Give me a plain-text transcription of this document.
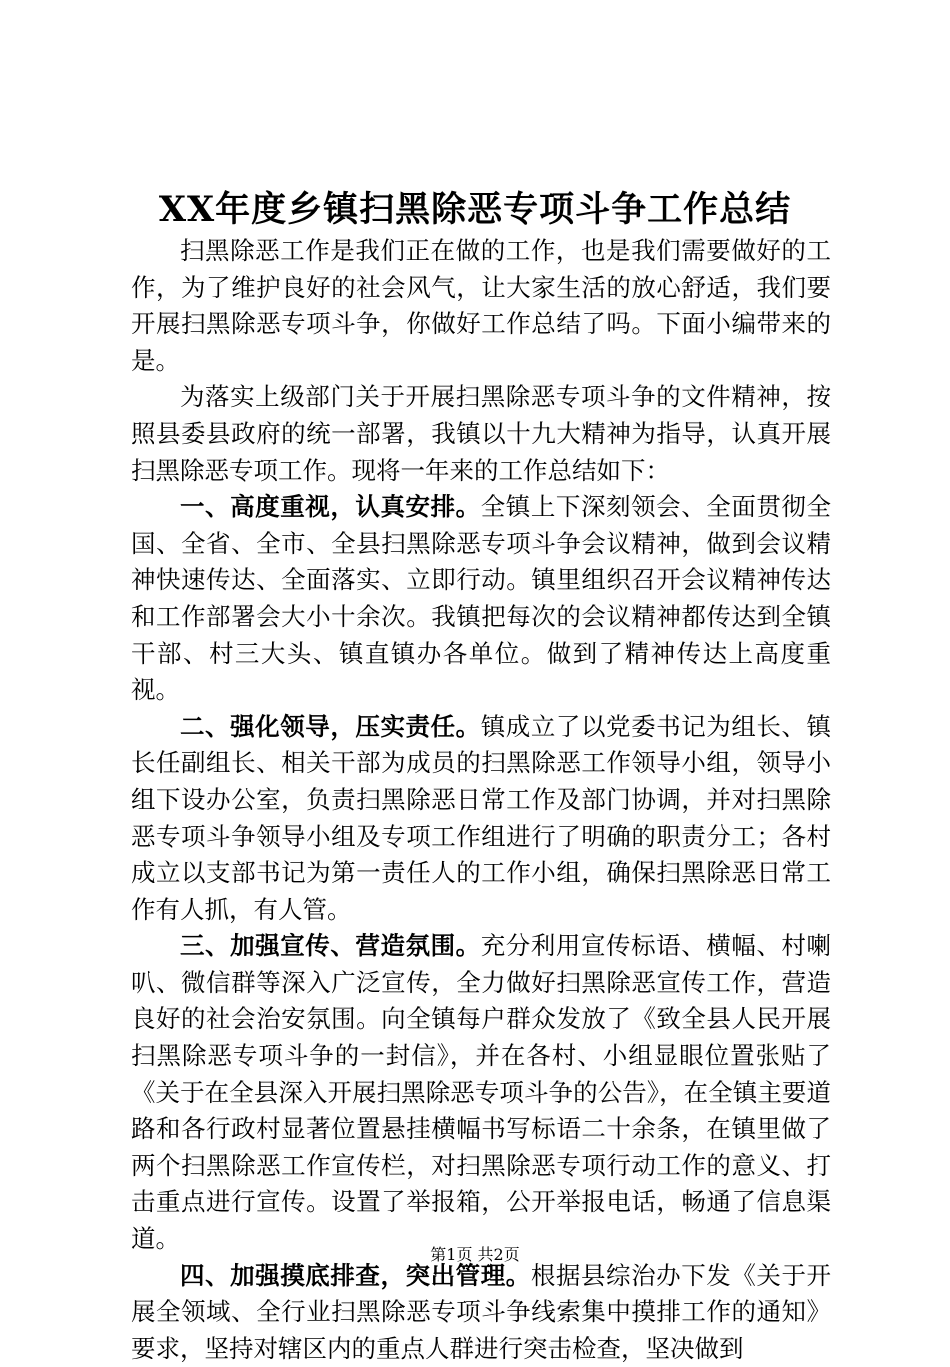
XX年度乡镇扫黑除恶专项斗争工作总结

扫黑除恶工作是我们正在做的工作，也是我们需要做好的工作，为了维护良好的社会风气，让大家生活的放心舒适，我们要开展扫黑除恶专项斗争，你做好工作总结了吗。下面小编带来的是。

为落实上级部门关于开展扫黑除恶专项斗争的文件精神，按照县委县政府的统一部署，我镇以十九大精神为指导，认真开展扫黑除恶专项工作。现将一年来的工作总结如下：

一、高度重视，认真安排。全镇上下深刻领会、全面贯彻全国、全省、全市、全县扫黑除恶专项斗争会议精神，做到会议精神快速传达、全面落实、立即行动。镇里组织召开会议精神传达和工作部署会大小十余次。我镇把每次的会议精神都传达到全镇干部、村三大头、镇直镇办各单位。做到了精神传达上高度重视。

二、强化领导，压实责任。镇成立了以党委书记为组长、镇长任副组长、相关干部为成员的扫黑除恶工作领导小组，领导小组下设办公室，负责扫黑除恶日常工作及部门协调，并对扫黑除恶专项斗争领导小组及专项工作组进行了明确的职责分工；各村成立以支部书记为第一责任人的工作小组，确保扫黑除恶日常工作有人抓，有人管。

三、加强宣传、营造氛围。充分利用宣传标语、横幅、村喇叭、微信群等深入广泛宣传，全力做好扫黑除恶宣传工作，营造良好的社会治安氛围。向全镇每户群众发放了《致全县人民开展扫黑除恶专项斗争的一封信》，并在各村、小组显眼位置张贴了《关于在全县深入开展扫黑除恶专项斗争的公告》，在全镇主要道路和各行政村显著位置悬挂横幅书写标语二十余条，在镇里做了两个扫黑除恶工作宣传栏，对扫黑除恶专项行动工作的意义、打击重点进行宣传。设置了举报箱，公开举报电话，畅通了信息渠道。

四、加强摸底排查，突出管理。根据县综治办下发《关于开展全领域、全行业扫黑除恶专项斗争线索集中摸排工作的通知》要求，坚持对辖区内的重点人群进行突击检查，坚决做到

第1页 共2页
